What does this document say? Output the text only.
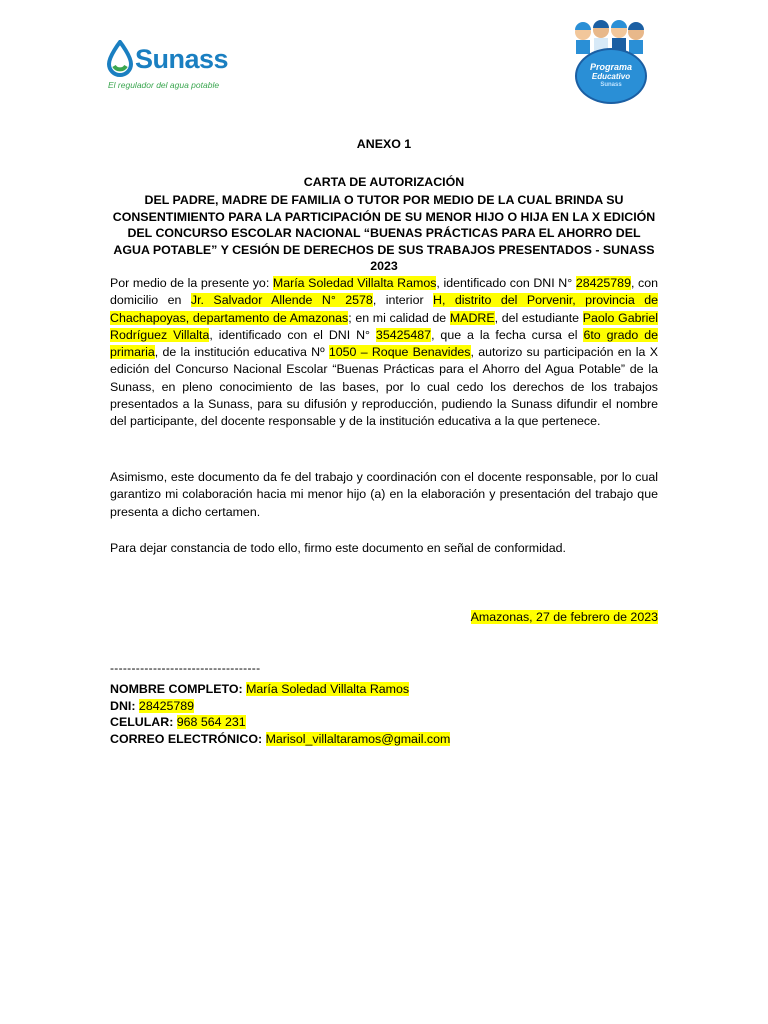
Sunass
El regulador del agua potable
Programa
Educativo
Sunass
ANEXO 1
CARTA DE AUTORIZACIÓN
DEL PADRE, MADRE DE FAMILIA O TUTOR POR MEDIO DE LA CUAL BRINDA SU CONSENTIMIENTO PARA LA PARTICIPACIÓN DE SU MENOR HIJO O HIJA EN LA X EDICIÓN DEL CONCURSO ESCOLAR NACIONAL “BUENAS PRÁCTICAS PARA EL AHORRO DEL AGUA POTABLE” Y CESIÓN DE DERECHOS DE SUS TRABAJOS PRESENTADOS - SUNASS 2023
Por medio de la presente yo: María Soledad Villalta Ramos, identificado con DNI N° 28425789, con domicilio en Jr. Salvador Allende N° 2578, interior H, distrito del Porvenir, provincia de Chachapoyas, departamento de Amazonas; en mi calidad de MADRE, del estudiante Paolo Gabriel Rodríguez Villalta, identificado con el DNI N° 35425487, que a la fecha cursa el 6to grado de primaria, de la institución educativa Nº 1050 – Roque Benavides, autorizo su participación en la X edición del Concurso Nacional Escolar “Buenas Prácticas para el Ahorro del Agua Potable” de la Sunass, en pleno conocimiento de las bases, por lo cual cedo los derechos de los trabajos presentados a la Sunass, para su difusión y reproducción, pudiendo la Sunass difundir el nombre del participante, del docente responsable y de la institución educativa a la que pertenece.
Asimismo, este documento da fe del trabajo y coordinación con el docente responsable, por lo cual garantizo mi colaboración hacia mi menor hijo (a) en la elaboración y presentación del trabajo que presenta a dicho certamen.
Para dejar constancia de todo ello, firmo este documento en señal de conformidad.
Amazonas, 27 de febrero de 2023
-----------------------------------
NOMBRE COMPLETO: María Soledad Villalta Ramos
DNI: 28425789
CELULAR: 968 564 231
CORREO ELECTRÓNICO: Marisol_villaltaramos@gmail.com
